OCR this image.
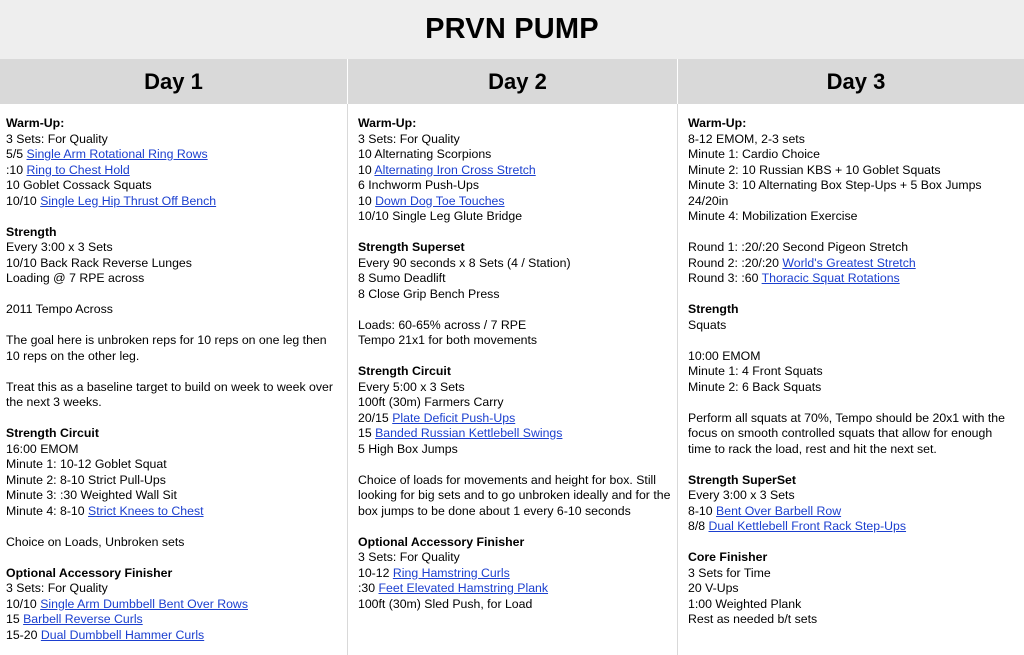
PRVN PUMP
Day 1	Day 2	Day 3
Warm-Up:
3 Sets: For Quality
5/5 Single Arm Rotational Ring Rows
:10 Ring to Chest Hold
10 Goblet Cossack Squats
10/10 Single Leg Hip Thrust Off Bench
Strength
Every 3:00 x 3 Sets
10/10 Back Rack Reverse Lunges
Loading @ 7 RPE across
2011 Tempo Across
The goal here is unbroken reps for 10 reps on one leg then 10 reps on the other leg.
Treat this as a baseline target to build on week to week over the next 3 weeks.
Strength Circuit
16:00 EMOM
Minute 1: 10-12 Goblet Squat
Minute 2: 8-10 Strict Pull-Ups
Minute 3: :30 Weighted Wall Sit
Minute 4: 8-10 Strict Knees to Chest
Choice on Loads, Unbroken sets
Optional Accessory Finisher
3 Sets: For Quality
10/10 Single Arm Dumbbell Bent Over Rows
15 Barbell Reverse Curls
15-20 Dual Dumbbell Hammer Curls
Warm-Up:
3 Sets: For Quality
10 Alternating Scorpions
10 Alternating Iron Cross Stretch
6 Inchworm Push-Ups
10 Down Dog Toe Touches
10/10 Single Leg Glute Bridge
Strength Superset
Every 90 seconds x 8 Sets (4 / Station)
8 Sumo Deadlift
8 Close Grip Bench Press
Loads: 60-65% across / 7 RPE
Tempo 21x1 for both movements
Strength Circuit
Every 5:00 x 3 Sets
100ft (30m) Farmers Carry
20/15 Plate Deficit Push-Ups
15 Banded Russian Kettlebell Swings
5 High Box Jumps
Choice of loads for movements and height for box. Still looking for big sets and to go unbroken ideally and for the box jumps to be done about 1 every 6-10 seconds
Optional Accessory Finisher
3 Sets: For Quality
10-12 Ring Hamstring Curls
:30 Feet Elevated Hamstring Plank
100ft (30m) Sled Push, for Load
Warm-Up:
8-12 EMOM, 2-3 sets
Minute 1: Cardio Choice
Minute 2: 10 Russian KBS + 10 Goblet Squats
Minute 3: 10 Alternating Box Step-Ups + 5 Box Jumps 24/20in
Minute 4: Mobilization Exercise
Round 1: :20/:20 Second Pigeon Stretch
Round 2: :20/:20 World's Greatest Stretch
Round 3: :60 Thoracic Squat Rotations
Strength
Squats
10:00 EMOM
Minute 1: 4 Front Squats
Minute 2: 6 Back Squats
Perform all squats at 70%, Tempo should be 20x1 with the focus on smooth controlled squats that allow for enough time to rack the load, rest and hit the next set.
Strength SuperSet
Every 3:00 x 3 Sets
8-10 Bent Over Barbell Row
8/8 Dual Kettlebell Front Rack Step-Ups
Core Finisher
3 Sets for Time
20 V-Ups
1:00 Weighted Plank
Rest as needed b/t sets
